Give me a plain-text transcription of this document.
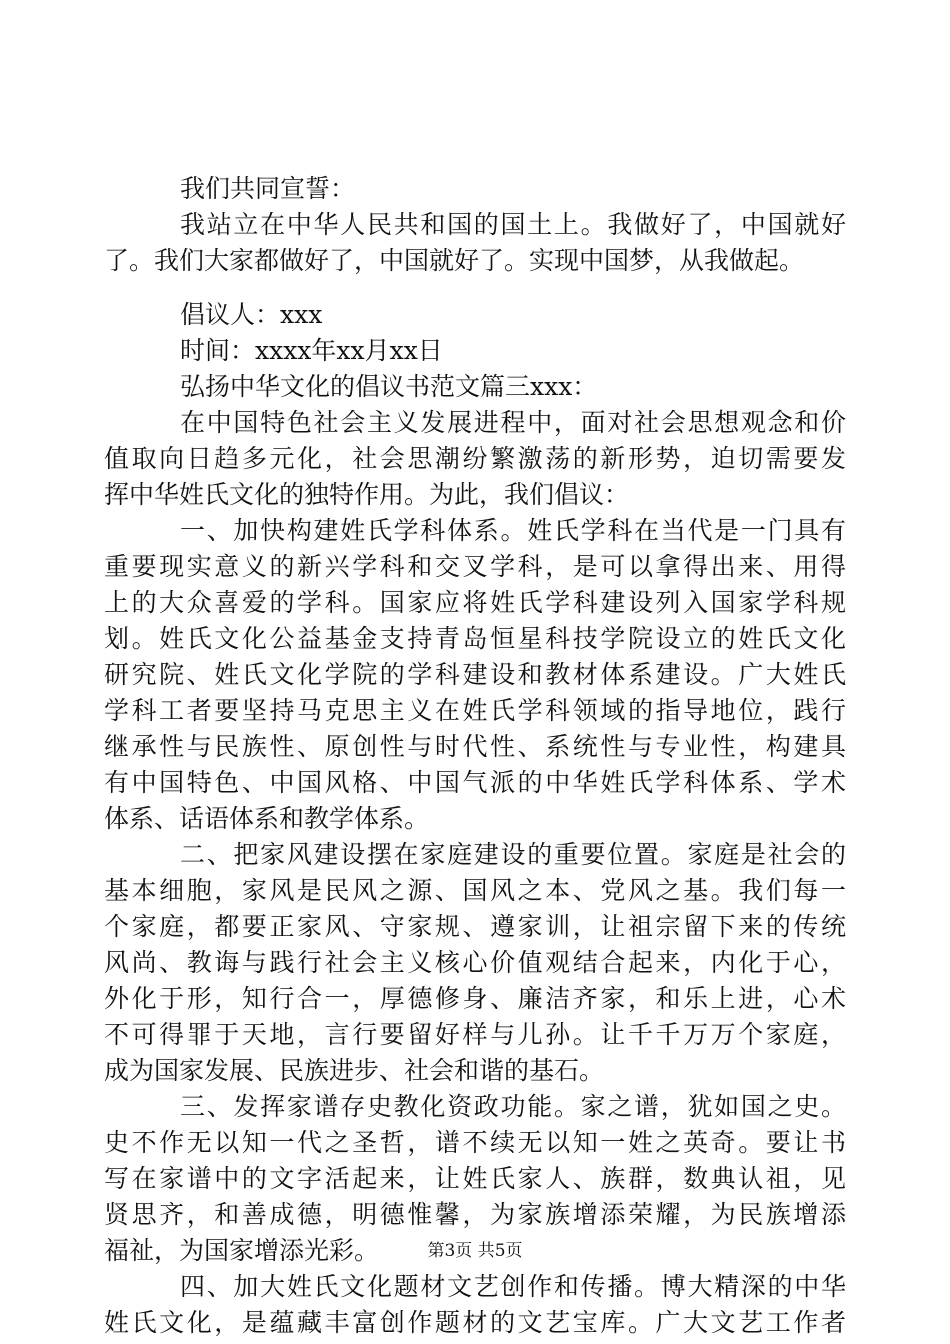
我们共同宣誓：
我站立在中华人民共和国的国土上。我做好了，中国就好
了。我们大家都做好了，中国就好了。实现中国梦，从我做起。
倡议人：xxx
时间：xxxx年xx月xx日
弘扬中华文化的倡议书范文篇三xxx：
在中国特色社会主义发展进程中，面对社会思想观念和价
值取向日趋多元化，社会思潮纷繁激荡的新形势，迫切需要发
挥中华姓氏文化的独特作用。为此，我们倡议：
一、加快构建姓氏学科体系。姓氏学科在当代是一门具有
重要现实意义的新兴学科和交叉学科，是可以拿得出来、用得
上的大众喜爱的学科。国家应将姓氏学科建设列入国家学科规
划。姓氏文化公益基金支持青岛恒星科技学院设立的姓氏文化
研究院、姓氏文化学院的学科建设和教材体系建设。广大姓氏
学科工者要坚持马克思主义在姓氏学科领域的指导地位，践行
继承性与民族性、原创性与时代性、系统性与专业性，构建具
有中国特色、中国风格、中国气派的中华姓氏学科体系、学术
体系、话语体系和教学体系。
二、把家风建设摆在家庭建设的重要位置。家庭是社会的
基本细胞，家风是民风之源、国风之本、党风之基。我们每一
个家庭，都要正家风、守家规、遵家训，让祖宗留下来的传统
风尚、教诲与践行社会主义核心价值观结合起来，内化于心，
外化于形，知行合一，厚德修身、廉洁齐家，和乐上进，心术
不可得罪于天地，言行要留好样与儿孙。让千千万万个家庭，
成为国家发展、民族进步、社会和谐的基石。
三、发挥家谱存史教化资政功能。家之谱，犹如国之史。
史不作无以知一代之圣哲，谱不续无以知一姓之英奇。要让书
写在家谱中的文字活起来，让姓氏家人、族群，数典认祖，见
贤思齐，和善成德，明德惟馨，为家族增添荣耀，为民族增添
福祉，为国家增添光彩。
四、加大姓氏文化题材文艺创作和传播。博大精深的中华
姓氏文化，是蕴藏丰富创作题材的文艺宝库。广大文艺工作者
第3页 共5页
